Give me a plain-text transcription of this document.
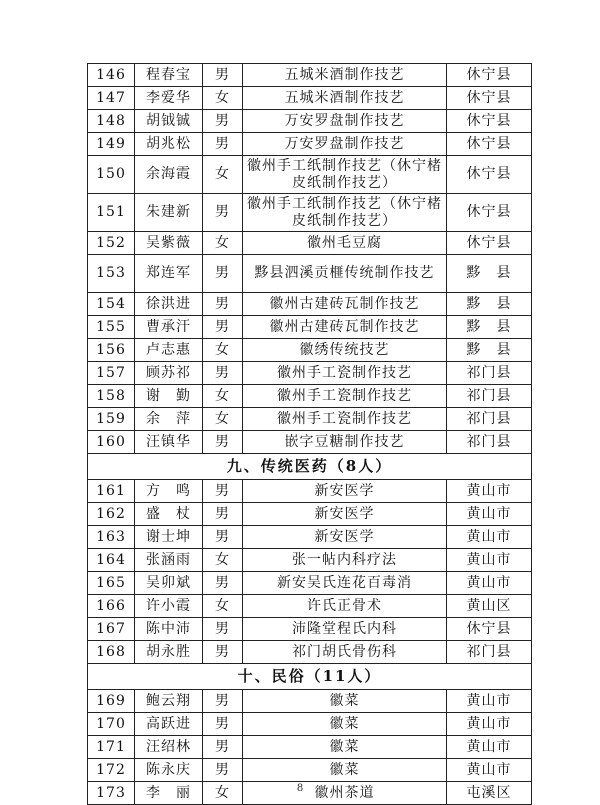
146	程春宝	男	五城米酒制作技艺	休宁县
147	李爱华	女	五城米酒制作技艺	休宁县
148	胡钺铖	男	万安罗盘制作技艺	休宁县
149	胡兆松	男	万安罗盘制作技艺	休宁县
150	余海霞	女	徽州手工纸制作技艺（休宁楮皮纸制作技艺）	休宁县
151	朱建新	男	徽州手工纸制作技艺（休宁楮皮纸制作技艺）	休宁县
152	吴紫薇	女	徽州毛豆腐	休宁县
153	郑连军	男	黟县泗溪贡榧传统制作技艺	黟　县
154	徐洪进	男	徽州古建砖瓦制作技艺	黟　县
155	曹承汗	男	徽州古建砖瓦制作技艺	黟　县
156	卢志惠	女	徽绣传统技艺	黟　县
157	顾苏祁	男	徽州手工瓷制作技艺	祁门县
158	谢　勤	女	徽州手工瓷制作技艺	祁门县
159	余　萍	女	徽州手工瓷制作技艺	祁门县
160	汪镇华	男	嵌字豆糖制作技艺	祁门县
九、传统医药（8人）				
161	方　鸣	男	新安医学	黄山市
162	盛　杖	男	新安医学	黄山市
163	谢士坤	男	新安医学	黄山市
164	张涵雨	女	张一帖内科疗法	黄山市
165	吴卯斌	男	新安吴氏连花百毒消	黄山市
166	许小霞	女	许氏正骨术	黄山区
167	陈中沛	男	沛隆堂程氏内科	休宁县
168	胡永胜	男	祁门胡氏骨伤科	祁门县
十、民俗（11人）				
169	鲍云翔	男	徽菜	黄山市
170	高跃进	男	徽菜	黄山市
171	汪绍林	男	徽菜	黄山市
172	陈永庆	男	徽菜	黄山市
173	李　丽	女	徽州茶道	屯溪区
8
